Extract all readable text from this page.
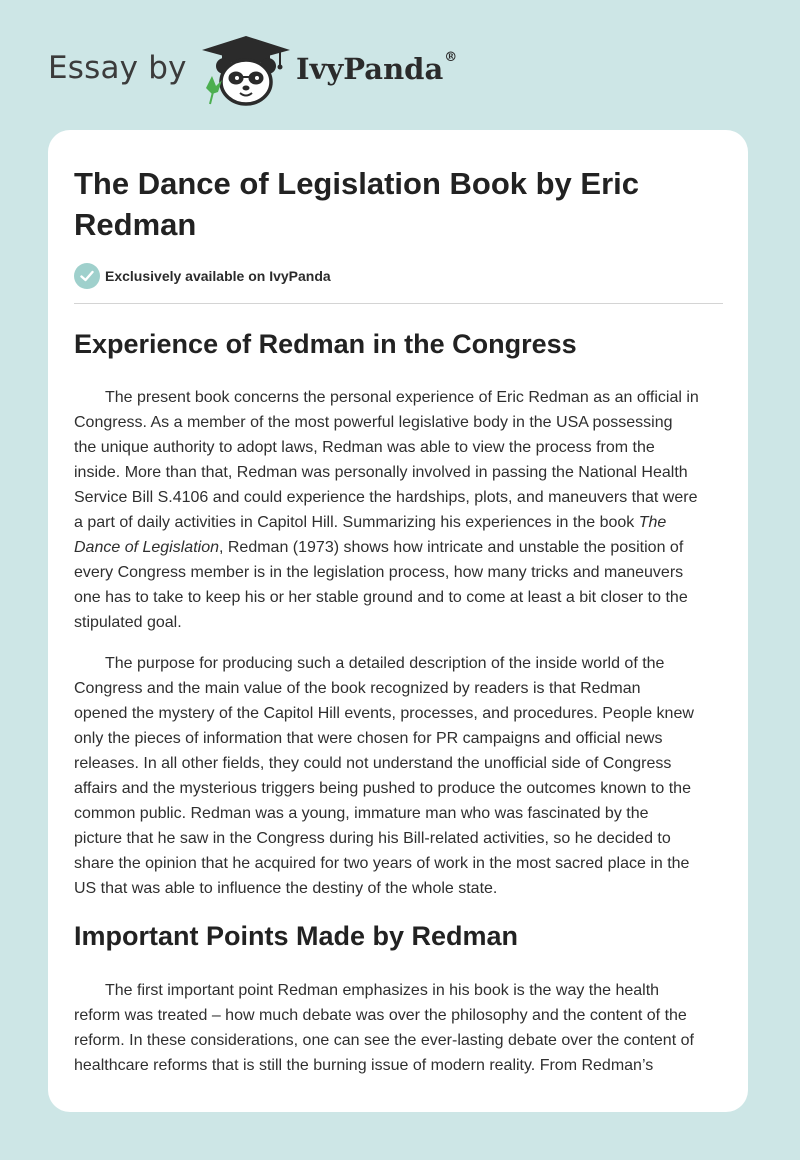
Essay by	IvyPanda®
The Dance of Legislation Book by Eric
Redman
Exclusively available on IvyPanda
Experience of Redman in the Congress
The present book concerns the personal experience of Eric Redman as an official in
Congress. As a member of the most powerful legislative body in the USA possessing
the unique authority to adopt laws, Redman was able to view the process from the
inside. More than that, Redman was personally involved in passing the National Health
Service Bill S.4106 and could experience the hardships, plots, and maneuvers that were
a part of daily activities in Capitol Hill. Summarizing his experiences in the book The
Dance of Legislation, Redman (1973) shows how intricate and unstable the position of
every Congress member is in the legislation process, how many tricks and maneuvers
one has to take to keep his or her stable ground and to come at least a bit closer to the
stipulated goal.
The purpose for producing such a detailed description of the inside world of the
Congress and the main value of the book recognized by readers is that Redman
opened the mystery of the Capitol Hill events, processes, and procedures. People knew
only the pieces of information that were chosen for PR campaigns and official news
releases. In all other fields, they could not understand the unofficial side of Congress
affairs and the mysterious triggers being pushed to produce the outcomes known to the
common public. Redman was a young, immature man who was fascinated by the
picture that he saw in the Congress during his Bill-related activities, so he decided to
share the opinion that he acquired for two years of work in the most sacred place in the
US that was able to influence the destiny of the whole state.
Important Points Made by Redman
The first important point Redman emphasizes in his book is the way the health
reform was treated – how much debate was over the philosophy and the content of the
reform. In these considerations, one can see the ever-lasting debate over the content of
healthcare reforms that is still the burning issue of modern reality. From Redman’s
